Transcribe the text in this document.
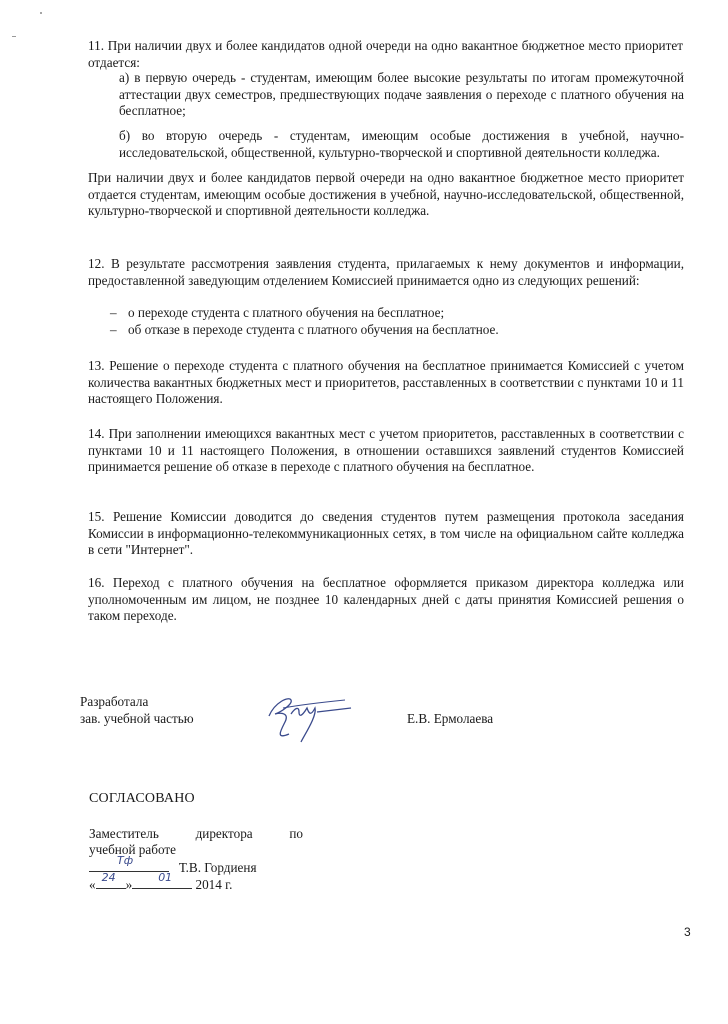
11. При наличии двух и более кандидатов одной очереди на одно вакантное бюджетное место приоритет отдается:

а) в первую очередь - студентам, имеющим более высокие результаты по итогам промежуточной аттестации двух семестров, предшествующих подаче заявления о переходе с платного обучения на бесплатное;
б) во вторую очередь - студентам, имеющим особые достижения в учебной, научно-исследовательской, общественной, культурно-творческой и спортивной деятельности колледжа.

При наличии двух и более кандидатов первой очереди на одно вакантное бюджетное место приоритет отдается студентам, имеющим особые достижения в учебной, научно-исследовательской, общественной, культурно-творческой и спортивной деятельности колледжа.

12. В результате рассмотрения заявления студента, прилагаемых к нему документов и информации, предоставленной заведующим отделением Комиссией принимается одно из следующих решений:

– о переходе студента с платного обучения на бесплатное;
– об отказе в переходе студента с платного обучения на бесплатное.

13. Решение о переходе студента с платного обучения на бесплатное принимается Комиссией с учетом количества вакантных бюджетных мест и приоритетов, расставленных в соответствии с пунктами 10 и 11 настоящего Положения.

14. При заполнении имеющихся вакантных мест с учетом приоритетов, расставленных в соответствии с пунктами 10 и 11 настоящего Положения, в отношении оставшихся заявлений студентов Комиссией принимается решение об отказе в переходе с платного обучения на бесплатное.

15. Решение Комиссии доводится до сведения студентов путем размещения протокола заседания Комиссии в информационно-телекоммуникационных сетях, в том числе на официальном сайте колледжа в сети "Интернет".

16. Переход с платного обучения на бесплатное оформляется приказом директора колледжа или уполномоченным им лицом, не позднее 10 календарных дней с даты принятия Комиссией решения о таком переходе.

Разработала
зав. учебной частью	Е.В. Ермолаева
СОГЛАСОВАНО
Заместитель	директора	по
учебной работе
Тф	Т.В. Гордиеня
« 24 » 01 2014 г.
3
